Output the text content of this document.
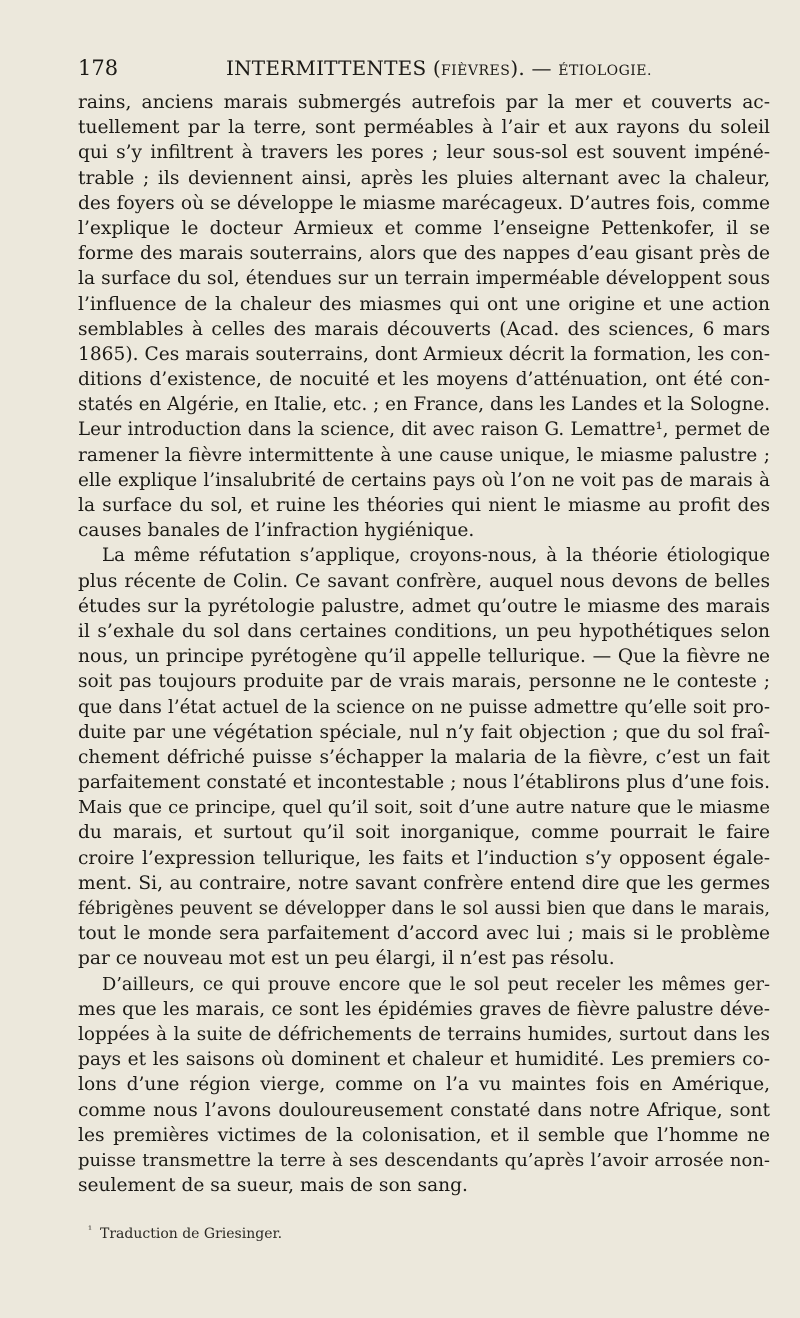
178	INTERMITTENTES (FIÈVRES). — ÉTIOLOGIE.
rains, anciens marais submergés autrefois par la mer et couverts ac-
tuellement par la terre, sont perméables à l’air et aux rayons du soleil
qui s’y infiltrent à travers les pores ; leur sous-sol est souvent impéné-
trable ; ils deviennent ainsi, après les pluies alternant avec la chaleur,
des foyers où se développe le miasme marécageux. D’autres fois, comme
l’explique le docteur Armieux et comme l’enseigne Pettenkofer, il se
forme des marais souterrains, alors que des nappes d’eau gisant près de
la surface du sol, étendues sur un terrain imperméable développent sous
l’influence de la chaleur des miasmes qui ont une origine et une action
semblables à celles des marais découverts (Acad. des sciences, 6 mars
1865). Ces marais souterrains, dont Armieux décrit la formation, les con-
ditions d’existence, de nocuité et les moyens d’atténuation, ont été con-
statés en Algérie, en Italie, etc. ; en France, dans les Landes et la Sologne.
Leur introduction dans la science, dit avec raison G. Lemattre¹, permet de
ramener la fièvre intermittente à une cause unique, le miasme palustre ;
elle explique l’insalubrité de certains pays où l’on ne voit pas de marais à
la surface du sol, et ruine les théories qui nient le miasme au profit des
causes banales de l’infraction hygiénique.
La même réfutation s’applique, croyons-nous, à la théorie étiologique
plus récente de Colin. Ce savant confrère, auquel nous devons de belles
études sur la pyrétologie palustre, admet qu’outre le miasme des marais
il s’exhale du sol dans certaines conditions, un peu hypothétiques selon
nous, un principe pyrétogène qu’il appelle tellurique. — Que la fièvre ne
soit pas toujours produite par de vrais marais, personne ne le conteste ;
que dans l’état actuel de la science on ne puisse admettre qu’elle soit pro-
duite par une végétation spéciale, nul n’y fait objection ; que du sol fraî-
chement défriché puisse s’échapper la malaria de la fièvre, c’est un fait
parfaitement constaté et incontestable ; nous l’établirons plus d’une fois.
Mais que ce principe, quel qu’il soit, soit d’une autre nature que le miasme
du marais, et surtout qu’il soit inorganique, comme pourrait le faire
croire l’expression tellurique, les faits et l’induction s’y opposent égale-
ment. Si, au contraire, notre savant confrère entend dire que les germes
fébrigènes peuvent se développer dans le sol aussi bien que dans le marais,
tout le monde sera parfaitement d’accord avec lui ; mais si le problème
par ce nouveau mot est un peu élargi, il n’est pas résolu.
D’ailleurs, ce qui prouve encore que le sol peut receler les mêmes ger-
mes que les marais, ce sont les épidémies graves de fièvre palustre déve-
loppées à la suite de défrichements de terrains humides, surtout dans les
pays et les saisons où dominent et chaleur et humidité. Les premiers co-
lons d’une région vierge, comme on l’a vu maintes fois en Amérique,
comme nous l’avons douloureusement constaté dans notre Afrique, sont
les premières victimes de la colonisation, et il semble que l’homme ne
puisse transmettre la terre à ses descendants qu’après l’avoir arrosée non-
seulement de sa sueur, mais de son sang.
$^{^1}$ Traduction de Griesinger.
